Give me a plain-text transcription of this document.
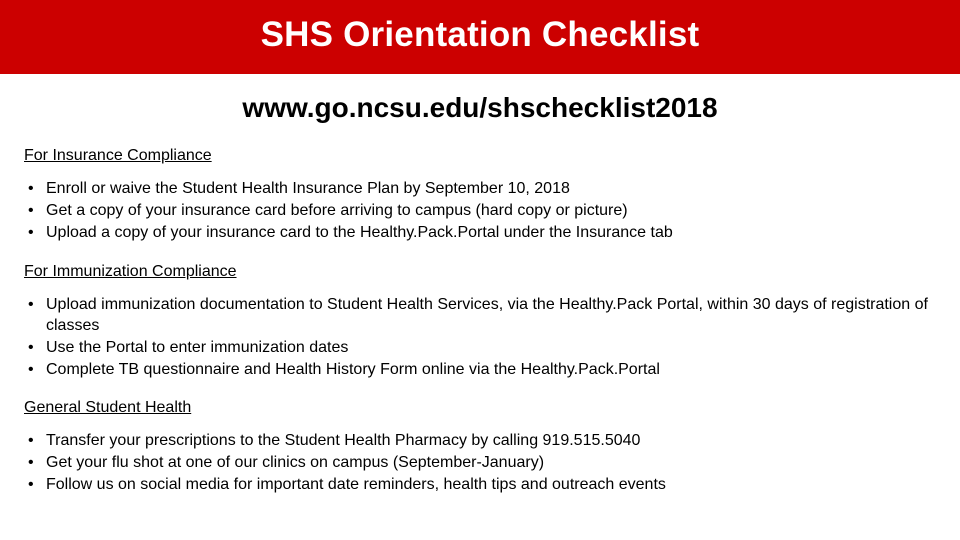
SHS Orientation Checklist
www.go.ncsu.edu/shschecklist2018
For Insurance Compliance
• Enroll or waive the Student Health Insurance Plan by September 10, 2018
• Get a copy of your insurance card before arriving to campus (hard copy or picture)
• Upload a copy of your insurance card to the Healthy.Pack.Portal under the Insurance tab
For Immunization Compliance
• Upload immunization documentation to Student Health Services, via the Healthy.Pack Portal, within 30 days of registration of classes
• Use the Portal to enter immunization dates
• Complete TB questionnaire and Health History Form online via the Healthy.Pack.Portal
General Student Health
• Transfer your prescriptions to the Student Health Pharmacy by calling 919.515.5040
• Get your flu shot at one of our clinics on campus (September-January)
• Follow us on social media for important date reminders, health tips and outreach events
